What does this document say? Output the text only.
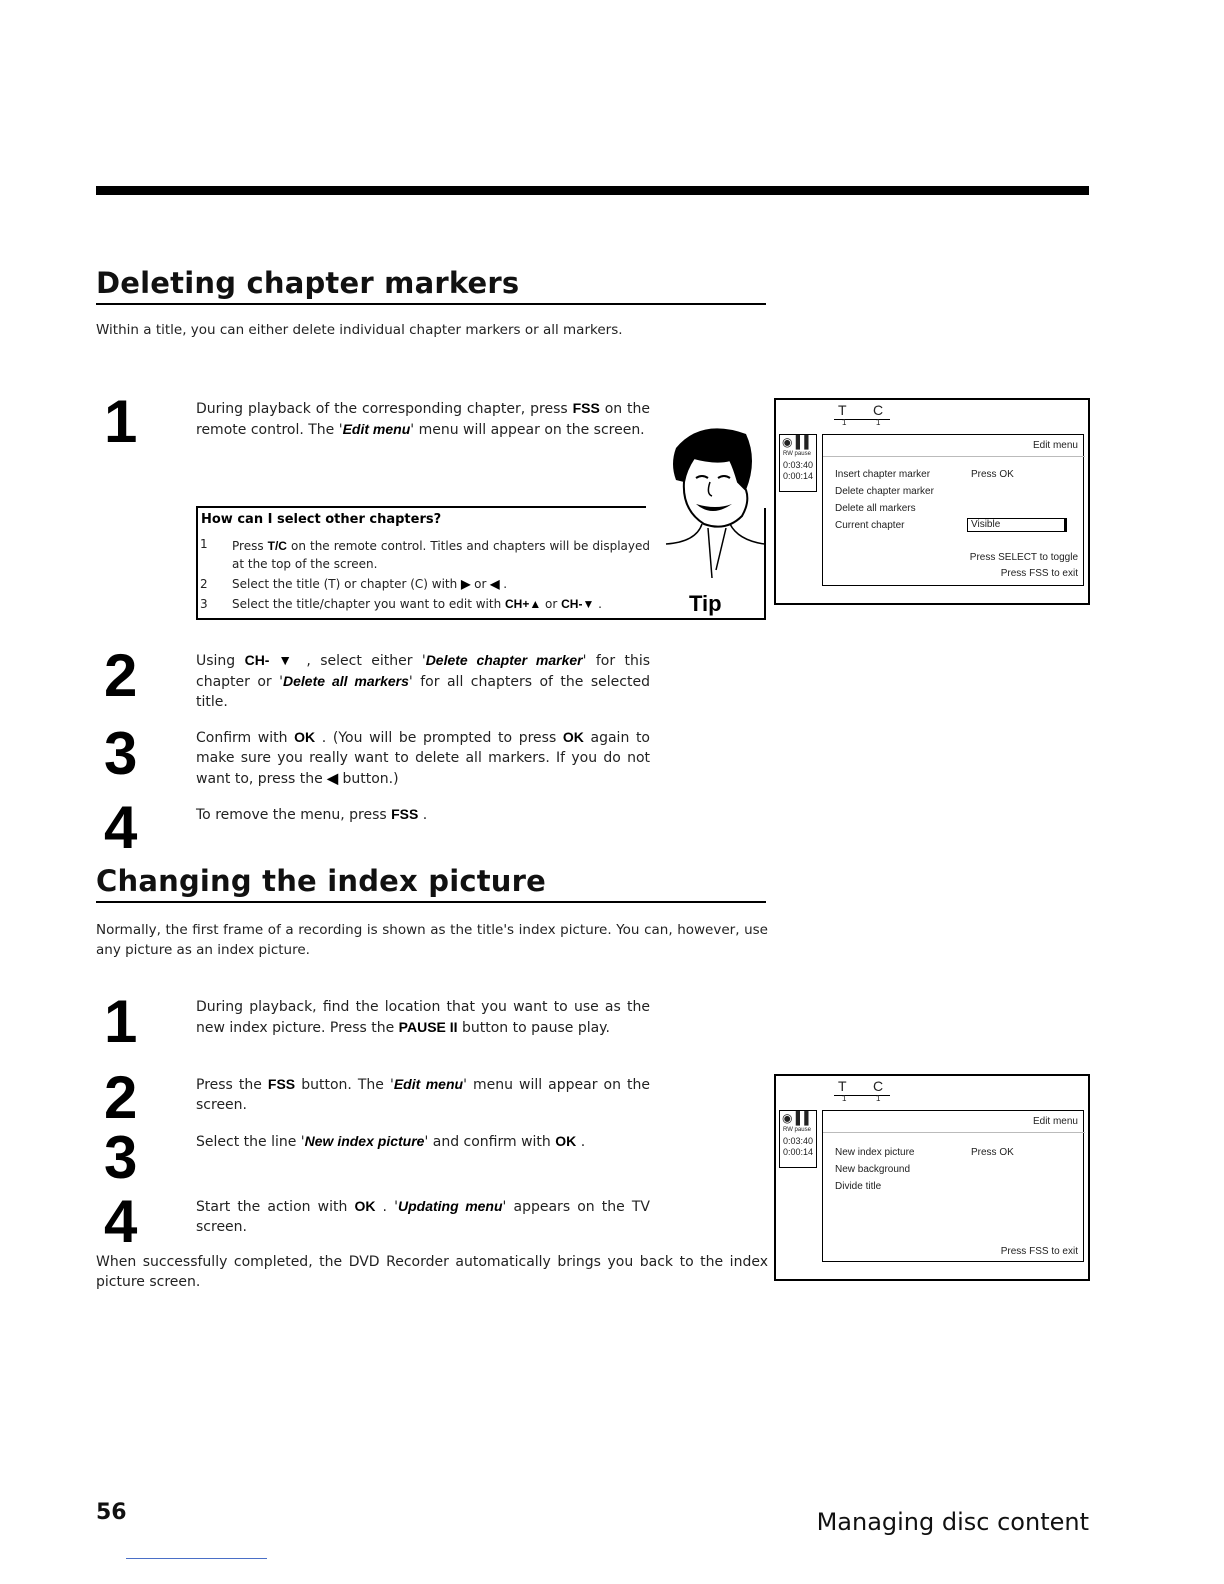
Deleting chapter markers
Within a title, you can either delete individual chapter markers or all markers.
1	During playback of the corresponding chapter, press FSS on the remote control. The 'Edit menu' menu will appear on the screen.
How can I select other chapters?
1	Press T/C on the remote control. Titles and chapters will be displayed at the top of the screen.
2	Select the title (T) or chapter (C) with ▶ or ◀ .
3	Select the title/chapter you want to edit with CH+▲ or CH-▼ .	Tip
T C
1	1
◉ ▌▌
RW pause
0:03:40
0:00:14
Edit menu
Insert chapter marker	Press OK
Delete chapter marker
Delete all markers
Current chapter	Visible
Press SELECT to toggle
Press FSS to exit
2	Using CH- ▼ , select either 'Delete chapter marker' for this chapter or 'Delete all markers' for all chapters of the selected title.
3	Confirm with OK . (You will be prompted to press OK again to make sure you really want to delete all markers. If you do not want to, press the ◀ button.)
4	To remove the menu, press FSS .
Changing the index picture
Normally, the first frame of a recording is shown as the title's index picture. You can, however, use any picture as an index picture.
1	During playback, find the location that you want to use as the new index picture. Press the PAUSE II button to pause play.
2	Press the FSS button. The 'Edit menu' menu will appear on the screen.
3	Select the line 'New index picture' and confirm with OK .
4	Start the action with OK . 'Updating menu' appears on the TV screen.
When successfully completed, the DVD Recorder automatically brings you back to the index picture screen.
T C
1	1
◉ ▌▌
RW pause
0:03:40
0:00:14
Edit menu
New index picture	Press OK
New background
Divide title
Press FSS to exit
56	Managing disc content
